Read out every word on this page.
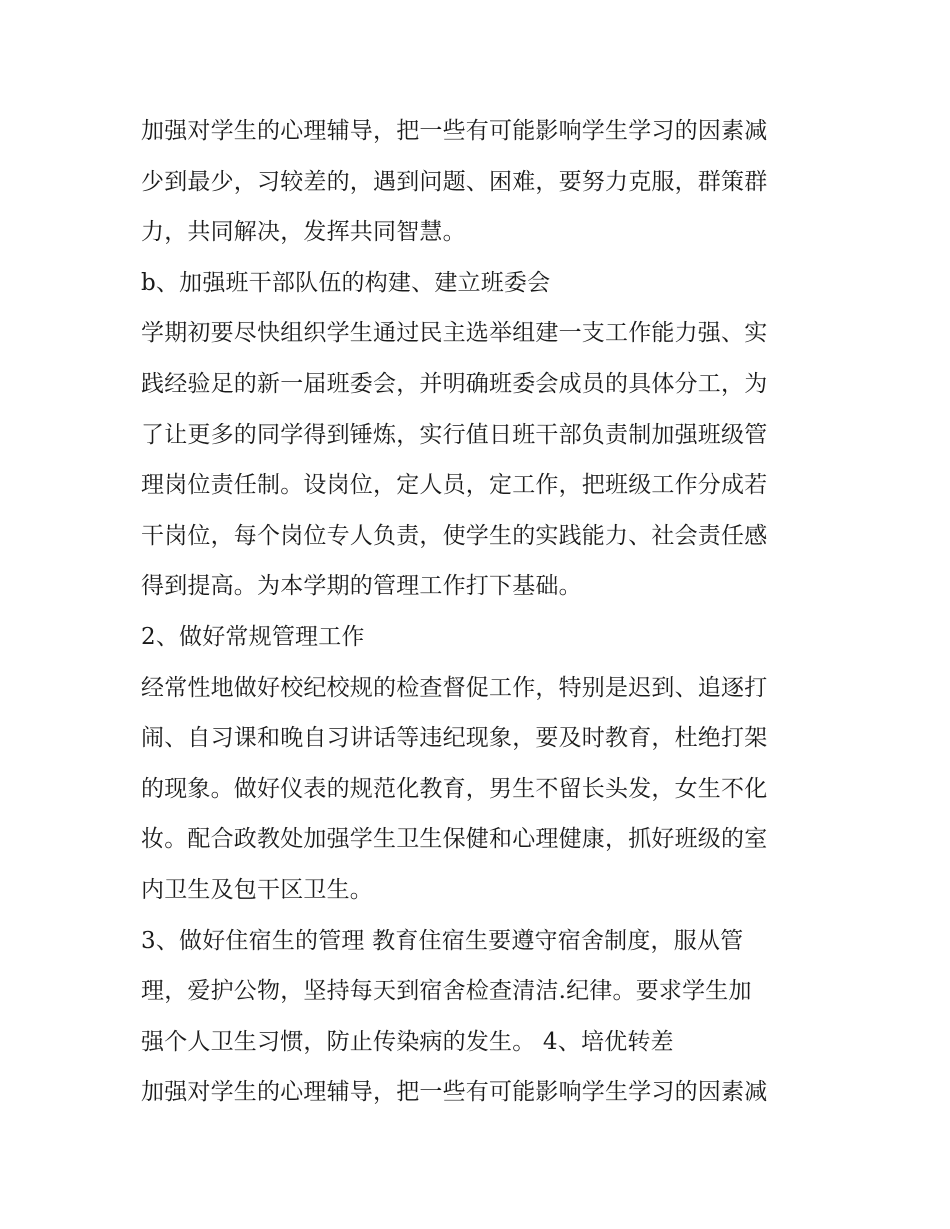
加强对学生的心理辅导，把一些有可能影响学生学习的因素减
少到最少，习较差的，遇到问题、困难，要努力克服，群策群
力，共同解决，发挥共同智慧。
b、加强班干部队伍的构建、建立班委会
学期初要尽快组织学生通过民主选举组建一支工作能力强、实
践经验足的新一届班委会，并明确班委会成员的具体分工，为
了让更多的同学得到锤炼，实行值日班干部负责制加强班级管
理岗位责任制。设岗位，定人员，定工作，把班级工作分成若
干岗位，每个岗位专人负责，使学生的实践能力、社会责任感
得到提高。为本学期的管理工作打下基础。
2、做好常规管理工作
经常性地做好校纪校规的检查督促工作，特别是迟到、追逐打
闹、自习课和晚自习讲话等违纪现象，要及时教育，杜绝打架
的现象。做好仪表的规范化教育，男生不留长头发，女生不化
妆。配合政教处加强学生卫生保健和心理健康，抓好班级的室
内卫生及包干区卫生。
3、做好住宿生的管理 教育住宿生要遵守宿舍制度，服从管
理，爱护公物，坚持每天到宿舍检查清洁.纪律。要求学生加
强个人卫生习惯，防止传染病的发生。 4、培优转差
加强对学生的心理辅导，把一些有可能影响学生学习的因素减
